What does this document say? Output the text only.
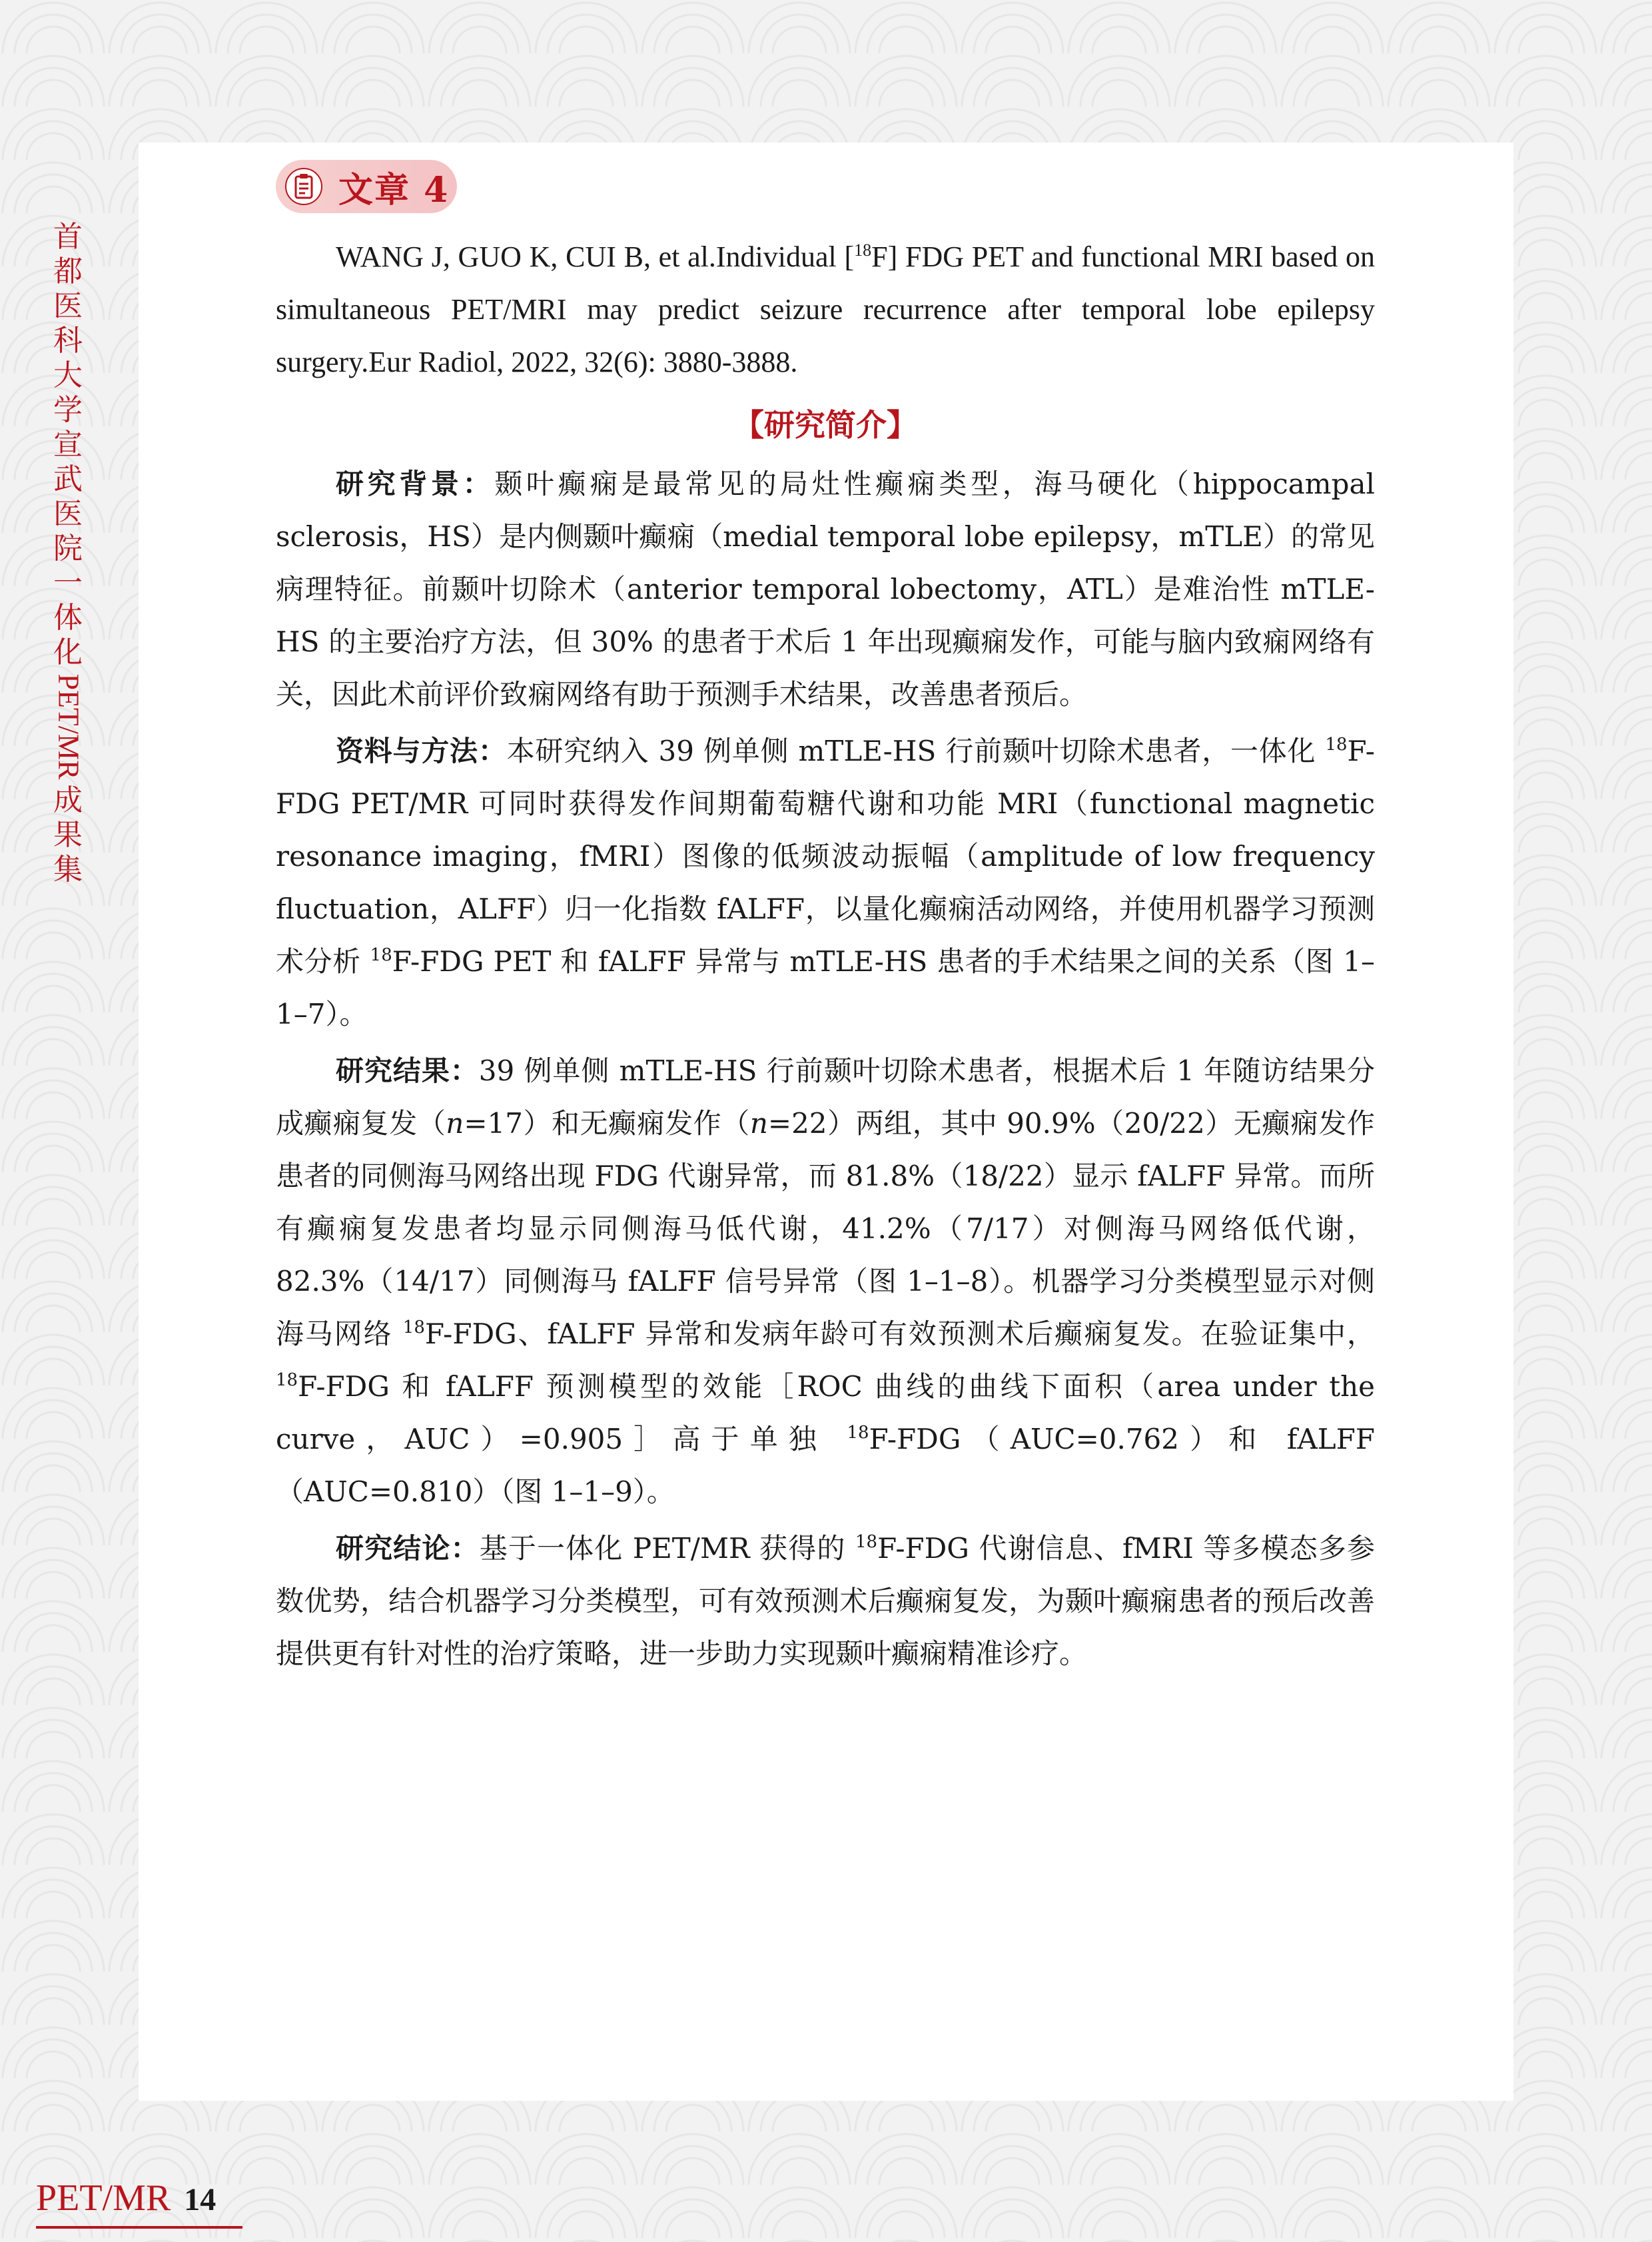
首
都
医
科
大
学
宣
武
医
院
一
体
化
PET/MR
成
果
集
文章 4

WANG J, GUO K, CUI B, et al.Individual [$^{18}$F] FDG PET and functional MRI based on simultaneous PET/MRI may predict seizure recurrence after temporal lobe epilepsy surgery.Eur Radiol, 2022, 32(6): 3880-3888.

【研究简介】

研究背景：颞叶癫痫是最常见的局灶性癫痫类型，海马硬化（hippocampal sclerosis，HS）是内侧颞叶癫痫（medial temporal lobe epilepsy，mTLE）的常见病理特征。前颞叶切除术（anterior temporal lobectomy，ATL）是难治性 mTLE-HS 的主要治疗方法，但 30% 的患者于术后 1 年出现癫痫发作，可能与脑内致痫网络有关，因此术前评价致痫网络有助于预测手术结果，改善患者预后。

资料与方法：本研究纳入 39 例单侧 mTLE-HS 行前颞叶切除术患者，一体化 $^{18}$F-FDG PET/MR 可同时获得发作间期葡萄糖代谢和功能 MRI（functional magnetic resonance imaging，fMRI）图像的低频波动振幅（amplitude of low frequency fluctuation，ALFF）归一化指数 fALFF，以量化癫痫活动网络，并使用机器学习预测术分析 $^{18}$F-FDG PET 和 fALFF 异常与 mTLE-HS 患者的手术结果之间的关系（图 1–1–7）。

研究结果：39 例单侧 mTLE-HS 行前颞叶切除术患者，根据术后 1 年随访结果分成癫痫复发（n=17）和无癫痫发作（n=22）两组，其中 90.9%（20/22）无癫痫发作患者的同侧海马网络出现 FDG 代谢异常，而 81.8%（18/22）显示 fALFF 异常。而所有癫痫复发患者均显示同侧海马低代谢，41.2%（7/17）对侧海马网络低代谢，82.3%（14/17）同侧海马 fALFF 信号异常（图 1–1–8）。机器学习分类模型显示对侧海马网络 $^{18}$F-FDG、fALFF 异常和发病年龄可有效预测术后癫痫复发。在验证集中，$^{18}$F-FDG 和 fALFF 预测模型的效能［ROC 曲线的曲线下面积（area under the curve，AUC）=0.905］高于单独 $^{18}$F-FDG（AUC=0.762）和 fALFF（AUC=0.810）（图 1–1–9）。

研究结论：基于一体化 PET/MR 获得的 $^{18}$F-FDG 代谢信息、fMRI 等多模态多参数优势，结合机器学习分类模型，可有效预测术后癫痫复发，为颞叶癫痫患者的预后改善提供更有针对性的治疗策略，进一步助力实现颞叶癫痫精准诊疗。

PET/MR 14
